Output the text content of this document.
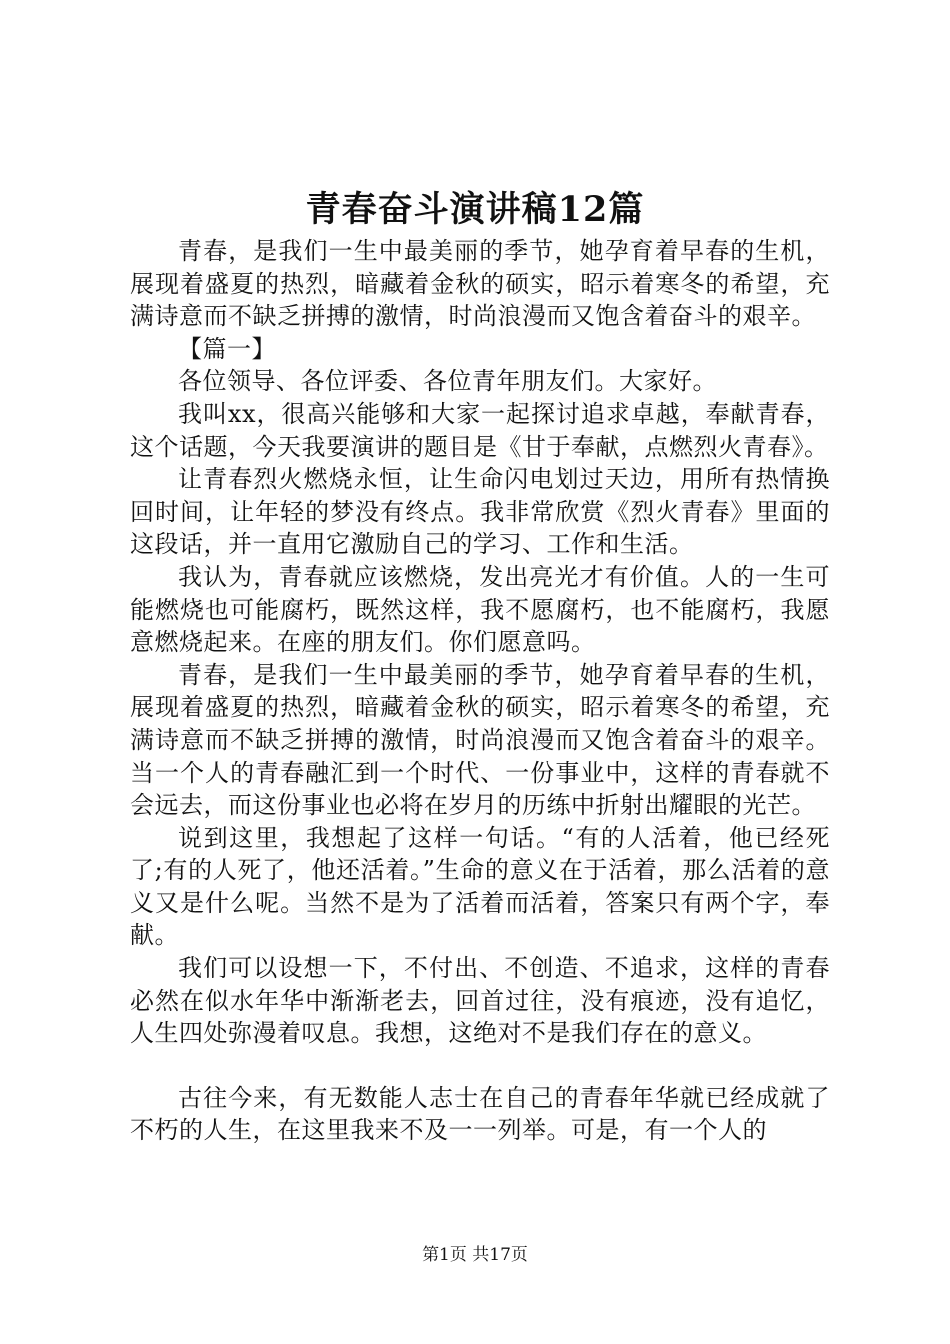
青春奋斗演讲稿12篇

青春，是我们一生中最美丽的季节，她孕育着早春的生机，展现着盛夏的热烈，暗藏着金秋的硕实，昭示着寒冬的希望，充满诗意而不缺乏拼搏的激情，时尚浪漫而又饱含着奋斗的艰辛。

【篇一】

各位领导、各位评委、各位青年朋友们。大家好。

我叫xx，很高兴能够和大家一起探讨追求卓越，奉献青春，这个话题，今天我要演讲的题目是《甘于奉献，点燃烈火青春》。

让青春烈火燃烧永恒，让生命闪电划过天边，用所有热情换回时间，让年轻的梦没有终点。我非常欣赏《烈火青春》里面的这段话，并一直用它激励自己的学习、工作和生活。

我认为，青春就应该燃烧，发出亮光才有价值。人的一生可能燃烧也可能腐朽，既然这样，我不愿腐朽，也不能腐朽，我愿意燃烧起来。在座的朋友们。你们愿意吗。

青春，是我们一生中最美丽的季节，她孕育着早春的生机，展现着盛夏的热烈，暗藏着金秋的硕实，昭示着寒冬的希望，充满诗意而不缺乏拼搏的激情，时尚浪漫而又饱含着奋斗的艰辛。当一个人的青春融汇到一个时代、一份事业中，这样的青春就不会远去，而这份事业也必将在岁月的历练中折射出耀眼的光芒。

说到这里，我想起了这样一句话。“有的人活着，他已经死了;有的人死了，他还活着。”生命的意义在于活着，那么活着的意义又是什么呢。当然不是为了活着而活着，答案只有两个字，奉献。

我们可以设想一下，不付出、不创造、不追求，这样的青春必然在似水年华中渐渐老去，回首过往，没有痕迹，没有追忆，人生四处弥漫着叹息。我想，这绝对不是我们存在的意义。

古往今来，有无数能人志士在自己的青春年华就已经成就了不朽的人生，在这里我来不及一一列举。可是，有一个人的

第1页 共17页
